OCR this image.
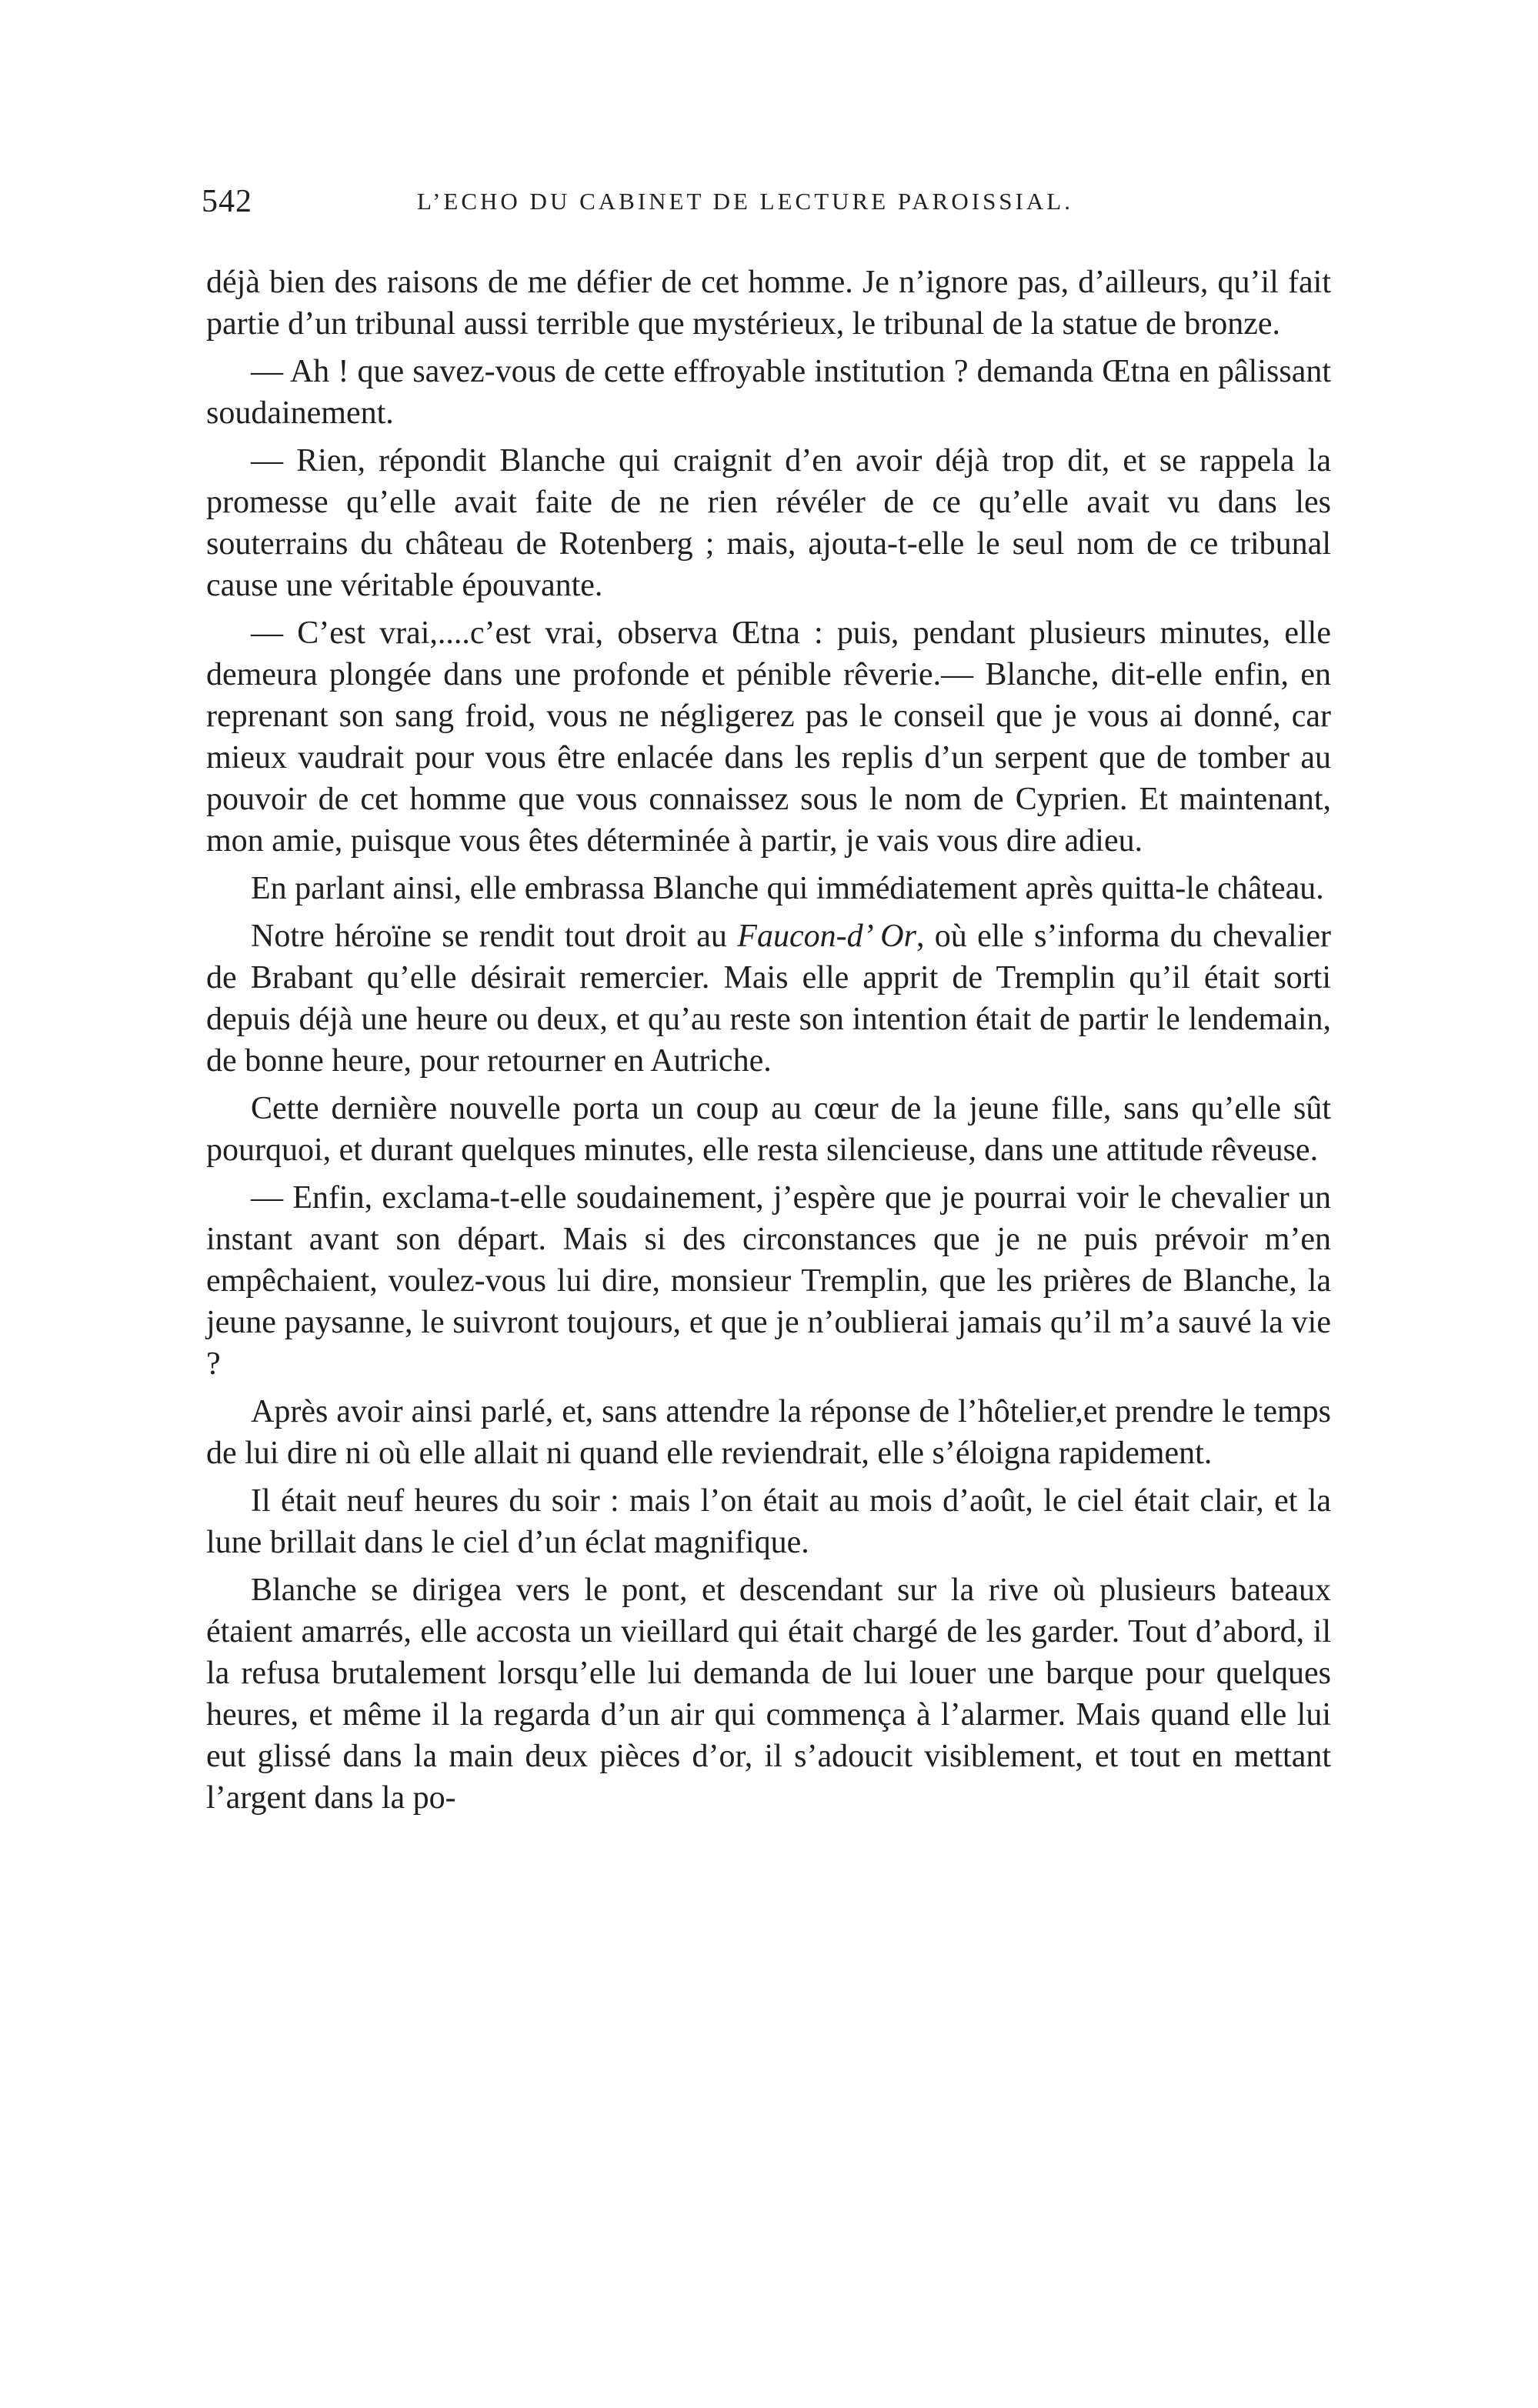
542	L’ECHO DU CABINET DE LECTURE PAROISSIAL.

déjà bien des raisons de me défier de cet homme. Je n’ignore pas, d’ailleurs, qu’il fait partie d’un tribunal aussi terrible que mystérieux, le tribunal de la statue de bronze.

— Ah ! que savez-vous de cette effroyable institution ? demanda Œtna en pâlissant soudainement.

— Rien, répondit Blanche qui craignit d’en avoir déjà trop dit, et se rappela la promesse qu’elle avait faite de ne rien révéler de ce qu’elle avait vu dans les souterrains du château de Rotenberg ; mais, ajouta-t-elle le seul nom de ce tribunal cause une véritable épouvante.

— C’est vrai,....c’est vrai, observa Œtna : puis, pendant plusieurs minutes, elle demeura plongée dans une profonde et pénible rêverie.— Blanche, dit-elle enfin, en reprenant son sang froid, vous ne négligerez pas le conseil que je vous ai donné, car mieux vaudrait pour vous être enlacée dans les replis d’un serpent que de tomber au pouvoir de cet homme que vous connaissez sous le nom de Cyprien. Et maintenant, mon amie, puisque vous êtes déterminée à partir, je vais vous dire adieu.

En parlant ainsi, elle embrassa Blanche qui immédiatement après quitta-le château.

Notre héroïne se rendit tout droit au Faucon-d’ Or, où elle s’informa du chevalier de Brabant qu’elle désirait remercier. Mais elle apprit de Tremplin qu’il était sorti depuis déjà une heure ou deux, et qu’au reste son intention était de partir le lendemain, de bonne heure, pour retourner en Autriche.

Cette dernière nouvelle porta un coup au cœur de la jeune fille, sans qu’elle sût pourquoi, et durant quelques minutes, elle resta silencieuse, dans une attitude rêveuse.

— Enfin, exclama-t-elle soudainement, j’espère que je pourrai voir le chevalier un instant avant son départ. Mais si des circonstances que je ne puis prévoir m’en empêchaient, voulez-vous lui dire, monsieur Tremplin, que les prières de Blanche, la jeune paysanne, le suivront toujours, et que je n’oublierai jamais qu’il m’a sauvé la vie ?

Après avoir ainsi parlé, et, sans attendre la réponse de l’hôtelier,et prendre le temps de lui dire ni où elle allait ni quand elle reviendrait, elle s’éloigna rapidement.

Il était neuf heures du soir : mais l’on était au mois d’août, le ciel était clair, et la lune brillait dans le ciel d’un éclat magnifique.

Blanche se dirigea vers le pont, et descendant sur la rive où plusieurs bateaux étaient amarrés, elle accosta un vieillard qui était chargé de les garder. Tout d’abord, il la refusa brutalement lorsqu’elle lui demanda de lui louer une barque pour quelques heures, et même il la regarda d’un air qui commença à l’alarmer. Mais quand elle lui eut glissé dans la main deux pièces d’or, il s’adoucit visiblement, et tout en mettant l’argent dans la po-
